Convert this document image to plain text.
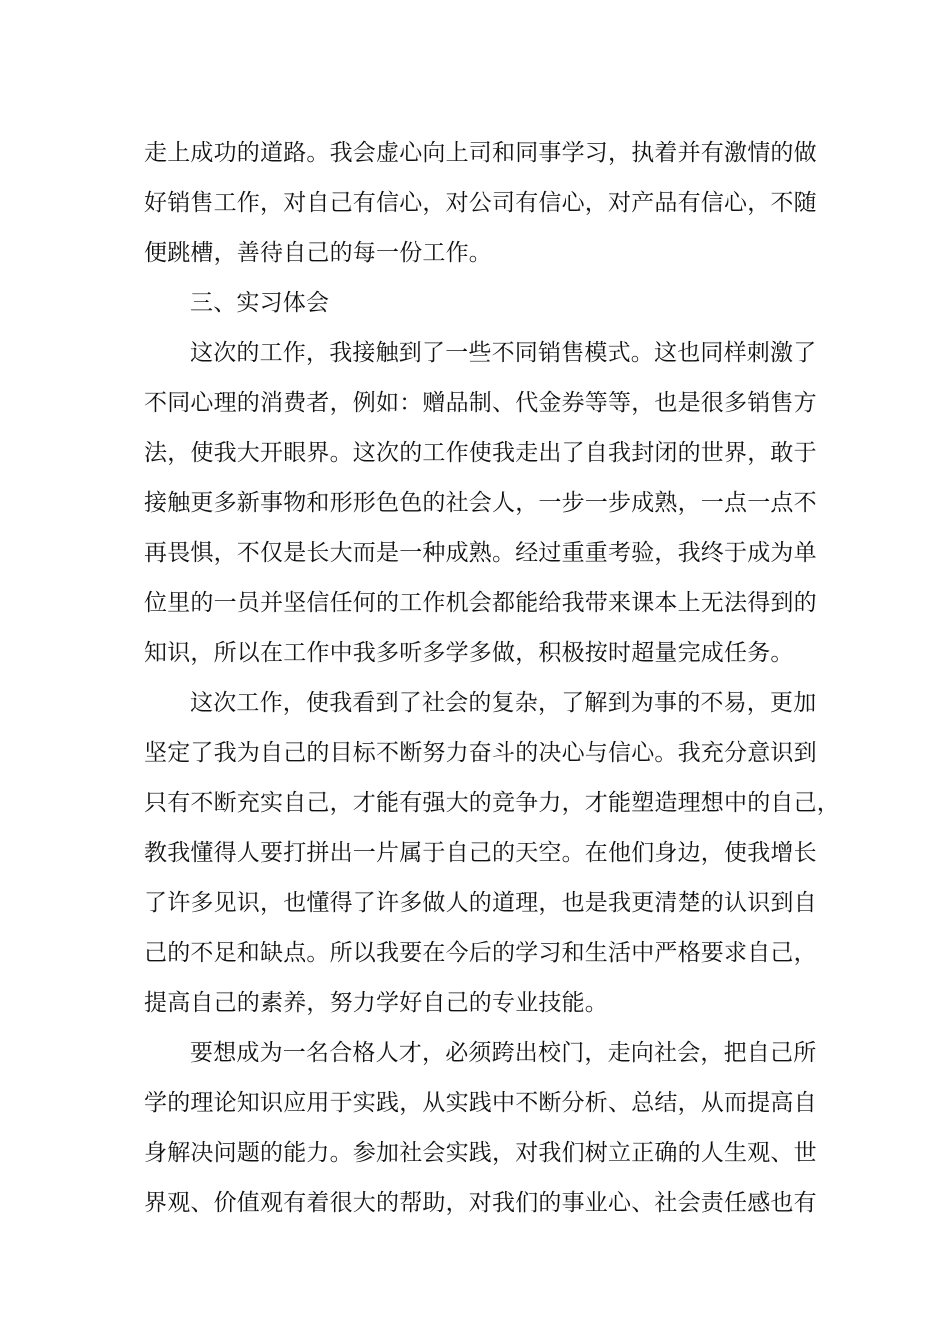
走上成功的道路。我会虚心向上司和同事学习，执着并有激情的做
好销售工作，对自己有信心，对公司有信心，对产品有信心，不随
便跳槽，善待自己的每一份工作。
三、实习体会
这次的工作，我接触到了一些不同销售模式。这也同样刺激了
不同心理的消费者，例如：赠品制、代金券等等，也是很多销售方
法，使我大开眼界。这次的工作使我走出了自我封闭的世界，敢于
接触更多新事物和形形色色的社会人，一步一步成熟，一点一点不
再畏惧，不仅是长大而是一种成熟。经过重重考验，我终于成为单
位里的一员并坚信任何的工作机会都能给我带来课本上无法得到的
知识，所以在工作中我多听多学多做，积极按时超量完成任务。
这次工作，使我看到了社会的复杂，了解到为事的不易，更加
坚定了我为自己的目标不断努力奋斗的决心与信心。我充分意识到
只有不断充实自己，才能有强大的竞争力，才能塑造理想中的自己，
教我懂得人要打拼出一片属于自己的天空。在他们身边，使我增长
了许多见识，也懂得了许多做人的道理，也是我更清楚的认识到自
己的不足和缺点。所以我要在今后的学习和生活中严格要求自己，
提高自己的素养，努力学好自己的专业技能。
要想成为一名合格人才，必须跨出校门，走向社会，把自己所
学的理论知识应用于实践，从实践中不断分析、总结，从而提高自
身解决问题的能力。参加社会实践，对我们树立正确的人生观、世
界观、价值观有着很大的帮助，对我们的事业心、社会责任感也有
